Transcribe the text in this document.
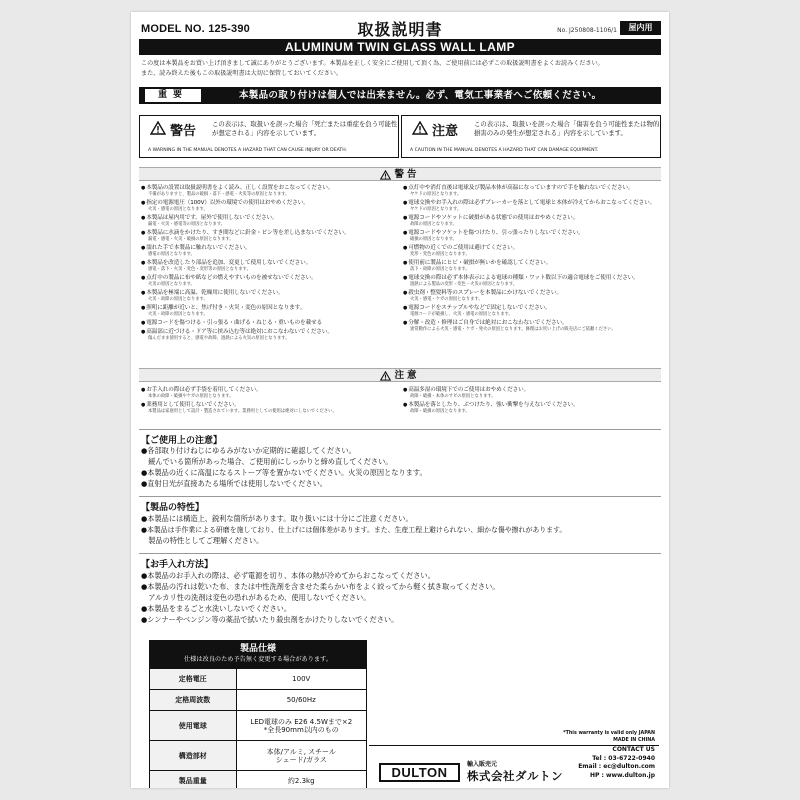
MODEL NO. 125-390	取扱説明書	No. J250808-1106/1	屋内用
ALUMINUM TWIN GLASS WALL LAMP
この度は本製品をお買い上げ頂きまして誠にありがとうございます。本製品を正しく安全にご使用して頂く為、ご使用前には必ずこの取扱説明書をよくお読みください。
また、読み終えた後もこの取扱説明書は大切に保管しておいてください。
重要	本製品の取り付けは個人では出来ません。必ず、電気工事業者へご依頼ください。
警告 この表示は、取扱いを誤った場合「死亡または重症を負う可能性が想定される」内容を示しています。
A WARNING IN THE MANUAL DENOTES A HAZARD THAT CAN CAUSE INJURY OR DEATH.
注意 この表示は、取扱いを誤った場合「傷害を負う可能性または物的損害のみの発生が想定される」内容を示しています。
A CAUTION IN THE MANUAL DENOTES A HAZARD THAT CAN DAMAGE EQUIPMENT.
警告
● 本製品の設置は取扱説明書をよく読み、正しく設置をおこなってください。
不備がありますと、製品の破損・落下・感電・火災等の原因となります。
● 指定の電源電圧（100V）以外の環境での使用はおやめください。
火災・感電の原因となります。
● 本製品は屋内用です。屋外で使用しないでください。
漏電・火災・感電等の原因となります。
● 本製品に水滴をかけたり、すき間などに針金・ピン等を差し込まないでください。
漏電・感電・火災・破損の原因となります。
● 濡れた手で本製品に触れないでください。
感電の原因となります。
● 本製品を改造したり部品を追加、変更して使用しないでください。
感電・落下・火災・変色・変形等の原因となります。
● 点灯中の製品に布や紙などの燃えやすいものを被せないでください。
火災の原因となります。
● 本製品を極端に高温、乾燥用に使用しないでください。
火災・故障の原因となります。
● 照明に距離が近いと、焦げ付き・火災・変色の原因となります。
火災・故障の原因となります。
● 電源コードを傷つける・引っ張る・曲げる・ねじる・重いものを載せる
● 高温部に近づける・ドア等に挟み込む等は絶対におこなわないでください。
傷んだまま使用すると、感電や故障、過熱による火災の原因となります。
● 点灯中や消灯直後は電球及び製品本体が高温になっていますので手を触れないでください。
ヤケドの原因となります。
● 電球交換やお手入れの際は必ずブレーカーを落として電球と本体が冷えてからおこなってください。
ヤケドの原因となります。
● 電源コードやソケットに破損がある状態での使用はおやめください。
故障の原因となります。
● 電源コードやソケットを傷つけたり、引っ張ったりしないでください。
破損の原因となります。
● 可燃物の近くでのご使用は避けてください。
変形・変色の原因となります。
● 使用前に製品にヒビ・破損が無いかを確認してください。
落下・故障の原因となります。
● 電球交換の際は必ず本体表示による電球の種類・ワット数以下の適合電球をご使用ください。
過熱による製品の変形・変色・火災の原因となります。
● 殺虫剤・整髪料等のスプレーを本製品にかけないでください。
火災・感電・ケガの原因となります。
● 電源コードをステップルやなどで固定しないでください。
電源コードが破損し、火災・感電の原因となります。
● 分解・改造・修理はご自身では絶対におこなわないでください。
異常動作による火災・感電・ケガ・発火の原因となります。修理はお買い上げの販売店にご依頼ください。
注意
● お手入れの際は必ず手袋を着用してください。
本体の故障・破損やケガの原因となります。
● 業務用として使用しないでください。
本製品は家庭用として設計・製造されています。業務用としての使用は絶対にしないでください。
● 高温多湿の環境下でのご使用はおやめください。
故障・破損・本体のサビの原因となります。
● 本製品を落としたり、ぶつけたり、強い衝撃を与えないでください。
故障・破損の原因となります。
【ご使用上の注意】
●各部取り付けねじにゆるみがないか定期的に確認してください。
　緩んでいる箇所があった場合、ご使用前にしっかりと締め直してください。
●本製品の近くに高温になるストーブ等を置かないでください。火災の原因となります。
●直射日光が直接あたる場所では使用しないでください。
【製品の特性】
●本製品には構造上、鋭利な箇所があります。取り扱いには十分にご注意ください。
●本製品は手作業による研磨を施しており、仕上げには個体差があります。また、生産工程上避けられない、細かな傷や擦れがあります。
　製品の特性としてご理解ください。
【お手入れ方法】
●本製品のお手入れの際は、必ず電源を切り、本体の熱が冷めてからおこなってください。
●本製品の汚れは乾いた布、または中性洗剤を含ませた柔らかい布をよく絞ってから軽く拭き取ってください。
　アルカリ性の洗剤は変色の恐れがあるため、使用しないでください。
●本製品をまるごと水洗いしないでください。
●シンナーやベンジン等の薬品で拭いたり殺虫剤をかけたりしないでください。
製品仕様
仕様は改良のため予告無く変更する場合があります。
定格電圧	100V
定格周波数	50/60Hz
使用電球	LED電球のみ E26 4.5Wまで×2
*全長90mm以内のもの

構造部材	本体/アルミ, スチール
シェード/ガラス

製品重量	約2.3kg
*This warranty is valid only JAPAN
MADE IN CHINA
CONTACT US
Tel : 03-6722-0940
Email : ec@dulton.com
HP : www.dulton.jp
DULTON
輸入販売元
株式会社ダルトン
